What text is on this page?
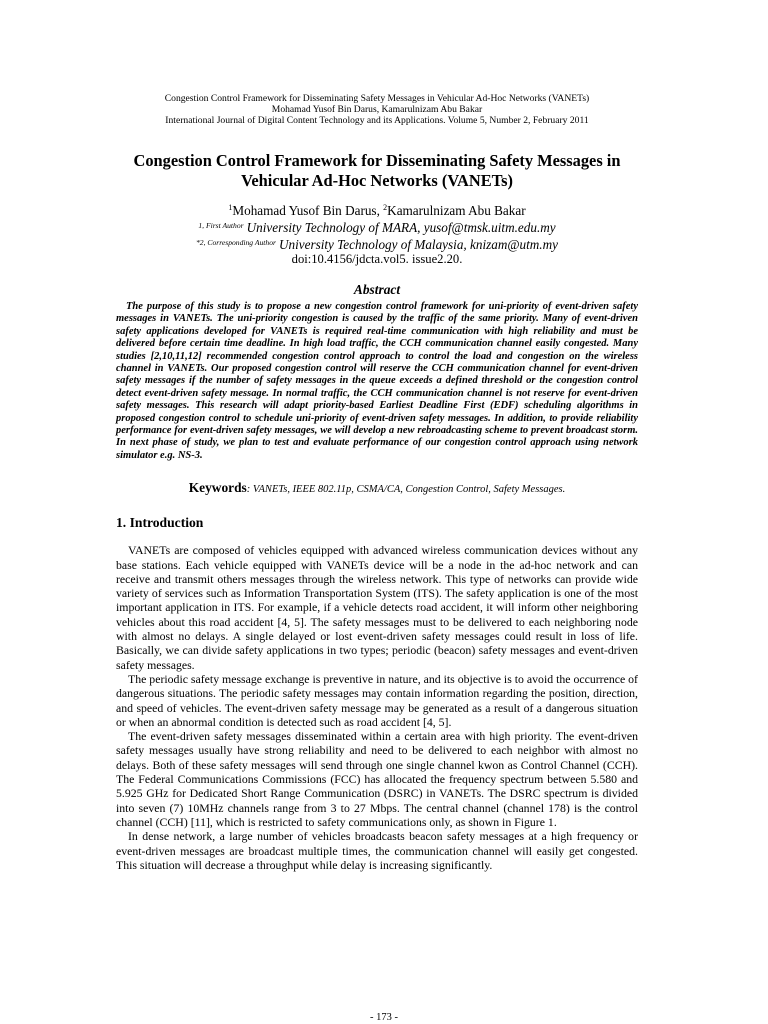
Congestion Control Framework for Disseminating Safety Messages in Vehicular Ad-Hoc Networks (VANETs)
Mohamad Yusof Bin Darus, Kamarulnizam Abu Bakar
International Journal of Digital Content Technology and its Applications. Volume 5, Number 2, February 2011
Congestion Control Framework for Disseminating Safety Messages in
Vehicular Ad-Hoc Networks (VANETs)
$^1$Mohamad Yusof Bin Darus, $^2$Kamarulnizam Abu Bakar
$^{1, First Author}$ University Technology of MARA, yusof@tmsk.uitm.edu.my
$^{*2, Corresponding Author}$ University Technology of Malaysia, knizam@utm.my
doi:10.4156/jdcta.vol5. issue2.20.
Abstract
The purpose of this study is to propose a new congestion control framework for uni-priority of event-driven safety messages in VANETs. The uni-priority congestion is caused by the traffic of the same priority. Many of event-driven safety applications developed for VANETs is required real-time communication with high reliability and must be delivered before certain time deadline. In high load traffic, the CCH communication channel easily congested. Many studies [2,10,11,12] recommended congestion control approach to control the load and congestion on the wireless channel in VANETs. Our proposed congestion control will reserve the CCH communication channel for event-driven safety messages if the number of safety messages in the queue exceeds a defined threshold or the congestion control detect event-driven safety message. In normal traffic, the CCH communication channel is not reserve for event-driven safety messages. This research will adapt priority-based Earliest Deadline First (EDF) scheduling algorithms in proposed congestion control to schedule uni-priority of event-driven safety messages. In addition, to provide reliability performance for event-driven safety messages, we will develop a new rebroadcasting scheme to prevent broadcast storm. In next phase of study, we plan to test and evaluate performance of our congestion control approach using network simulator e.g. NS-3.
Keywords: VANETs, IEEE 802.11p, CSMA/CA, Congestion Control, Safety Messages.
1. Introduction

VANETs are composed of vehicles equipped with advanced wireless communication devices without any base stations. Each vehicle equipped with VANETs device will be a node in the ad-hoc network and can receive and transmit others messages through the wireless network. This type of networks can provide wide variety of services such as Information Transportation System (ITS). The safety application is one of the most important application in ITS. For example, if a vehicle detects road accident, it will inform other neighboring vehicles about this road accident [4, 5]. The safety messages must to be delivered to each neighboring node with almost no delays. A single delayed or lost event-driven safety messages could result in loss of life. Basically, we can divide safety applications in two types; periodic (beacon) safety messages and event-driven safety messages.

The periodic safety message exchange is preventive in nature, and its objective is to avoid the occurrence of dangerous situations. The periodic safety messages may contain information regarding the position, direction, and speed of vehicles. The event-driven safety message may be generated as a result of a dangerous situation or when an abnormal condition is detected such as road accident [4, 5].

The event-driven safety messages disseminated within a certain area with high priority. The event-driven safety messages usually have strong reliability and need to be delivered to each neighbor with almost no delays. Both of these safety messages will send through one single channel kwon as Control Channel (CCH). The Federal Communications Commissions (FCC) has allocated the frequency spectrum between 5.580 and 5.925 GHz for Dedicated Short Range Communication (DSRC) in VANETs. The DSRC spectrum is divided into seven (7) 10MHz channels range from 3 to 27 Mbps. The central channel (channel 178) is the control channel (CCH) [11], which is restricted to safety communications only, as shown in Figure 1.

In dense network, a large number of vehicles broadcasts beacon safety messages at a high frequency or event-driven messages are broadcast multiple times, the communication channel will easily get congested. This situation will decrease a throughput while delay is increasing significantly.

- 173 -
